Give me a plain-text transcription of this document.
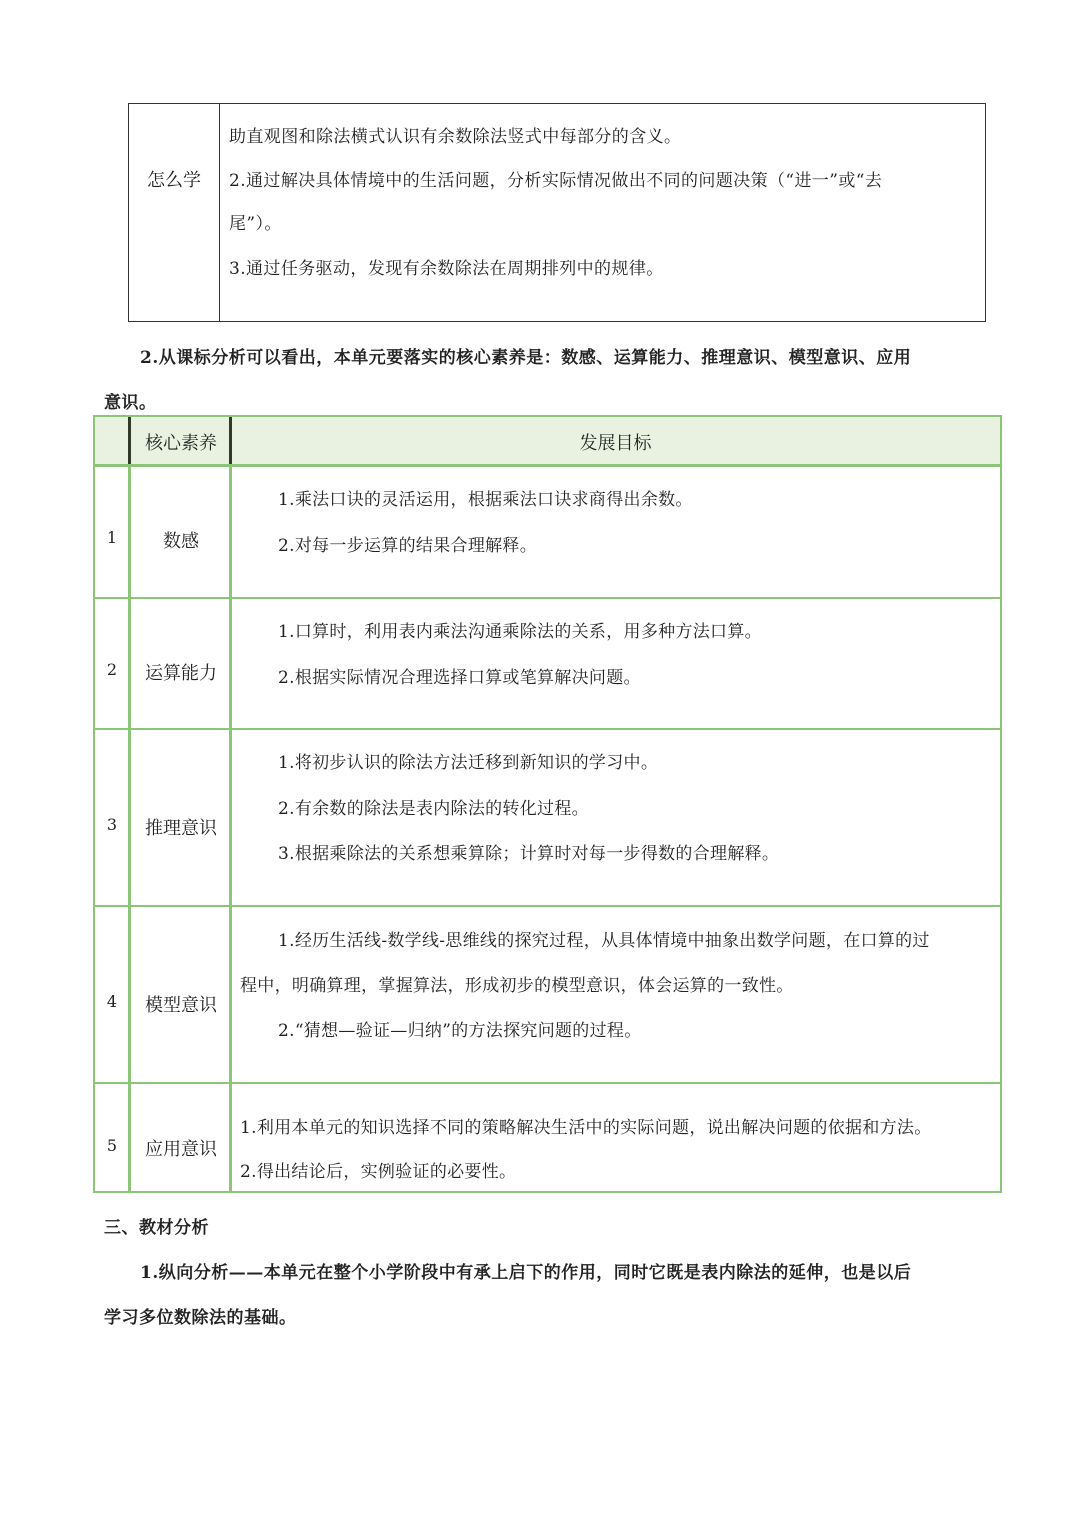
怎么学
助直观图和除法横式认识有余数除法竖式中每部分的含义。
2.通过解决具体情境中的生活问题，分析实际情况做出不同的问题决策（“进一”或“去
尾”）。
3.通过任务驱动，发现有余数除法在周期排列中的规律。
2.从课标分析可以看出，本单元要落实的核心素养是：数感、运算能力、推理意识、模型意识、应用
意识。
核心素养	发展目标
1	数感
1.乘法口诀的灵活运用，根据乘法口诀求商得出余数。
2.对每一步运算的结果合理解释。
2	运算能力
1.口算时，利用表内乘法沟通乘除法的关系，用多种方法口算。
2.根据实际情况合理选择口算或笔算解决问题。
3	推理意识
1.将初步认识的除法方法迁移到新知识的学习中。
2.有余数的除法是表内除法的转化过程。
3.根据乘除法的关系想乘算除；计算时对每一步得数的合理解释。
4	模型意识
1.经历生活线-数学线-思维线的探究过程，从具体情境中抽象出数学问题，在口算的过
程中，明确算理，掌握算法，形成初步的模型意识，体会运算的一致性。
2.“猜想—验证—归纳”的方法探究问题的过程。
5	应用意识
1.利用本单元的知识选择不同的策略解决生活中的实际问题，说出解决问题的依据和方法。
2.得出结论后，实例验证的必要性。
三、教材分析
1.纵向分析——本单元在整个小学阶段中有承上启下的作用，同时它既是表内除法的延伸，也是以后
学习多位数除法的基础。
